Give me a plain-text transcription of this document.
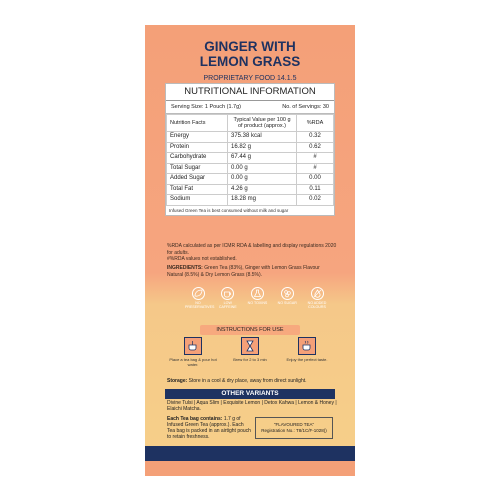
GINGER WITH
LEMON GRASS
PROPRIETARY FOOD 14.1.5
NUTRITIONAL INFORMATION
Serving Size: 1 Pouch (1.7g)	No. of Servings: 30
Nutrition Facts	Typical Value per 100 g of product (approx.)	%RDA
Energy	375.38 kcal	0.32
Protein	16.82 g	0.62
Carbohydrate	67.44 g	#
Total Sugar	0.00 g	#
Added Sugar	0.00 g	0.00
Total Fat	4.26 g	0.11
Sodium	18.28 mg	0.02
Infused Green Tea is best consumed without milk and sugar
%RDA calculated as per ICMR RDA & labelling and display regulations 2020 for adults.
#%RDA values not established.
INGREDIENTS: Green Tea (83%), Ginger with Lemon Grass Flavour Natural (8.5%) & Dry Lemon Grass (8.5%).
NO PRESERVATIVES
LOW CAFFEINE
NO TOXINS	NO SUGAR	NO ADDED COLOURS
INSTRUCTIONS FOR USE
Place a tea bag & pour hot water.
Brew for 2 to 3 min	Enjoy the perfect taste.
Storage: Store in a cool & dry place, away from direct sunlight.
OTHER VARIANTS
Divine Tulsi | Aqua Slim | Exquisite Lemon | Detox Kahwa | Lemon & Honey | Elaichi Matcha.
Each Tea bag contains: 1.7 g of Infused Green Tea (approx.). Each Tea bag is packed in an airtight pouch to retain freshness.
"FLAVOURED TEA"
Registration No.: T8/1C/F-1028()
